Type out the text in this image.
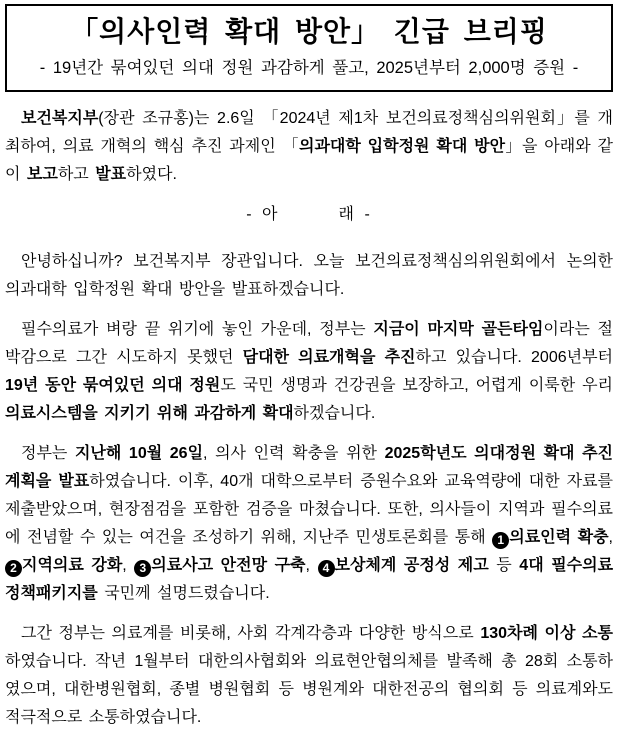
「의사인력 확대 방안」 긴급 브리핑
- 19년간 묶여있던 의대 정원 과감하게 풀고, 2025년부터 2,000명 증원 -

보건복지부(장관 조규홍)는 2.6일 「2024년 제1차 보건의료정책심의위원회」를 개최하여, 의료 개혁의 핵심 추진 과제인 「의과대학 입학정원 확대 방안」을 아래와 같이 보고하고 발표하였다.

- 아       래 -

안녕하십니까? 보건복지부 장관입니다. 오늘 보건의료정책심의위원회에서 논의한 의과대학 입학정원 확대 방안을 발표하겠습니다.

필수의료가 벼랑 끝 위기에 놓인 가운데, 정부는 지금이 마지막 골든타임이라는 절박감으로 그간 시도하지 못했던 담대한 의료개혁을 추진하고 있습니다. 2006년부터 19년 동안 묶여있던 의대 정원도 국민 생명과 건강권을 보장하고, 어렵게 이룩한 우리 의료시스템을 지키기 위해 과감하게 확대하겠습니다.

정부는 지난해 10월 26일, 의사 인력 확충을 위한 2025학년도 의대정원 확대 추진계획을 발표하였습니다. 이후, 40개 대학으로부터 증원수요와 교육역량에 대한 자료를 제출받았으며, 현장점검을 포함한 검증을 마쳤습니다. 또한, 의사들이 지역과 필수의료에 전념할 수 있는 여건을 조성하기 위해, 지난주 민생토론회를 통해 1 의료인력 확충, 2 지역의료 강화, 3 의료사고 안전망 구축, 4 보상체계 공정성 제고 등 4대 필수의료 정책패키지를 국민께 설명드렸습니다.

그간 정부는 의료계를 비롯해, 사회 각계각층과 다양한 방식으로 130차례 이상 소통하였습니다. 작년 1월부터 대한의사협회와 의료현안협의체를 발족해 총 28회 소통하였으며, 대한병원협회, 종별 병원협회 등 병원계와 대한전공의 협의회 등 의료계와도 적극적으로 소통하였습니다.
